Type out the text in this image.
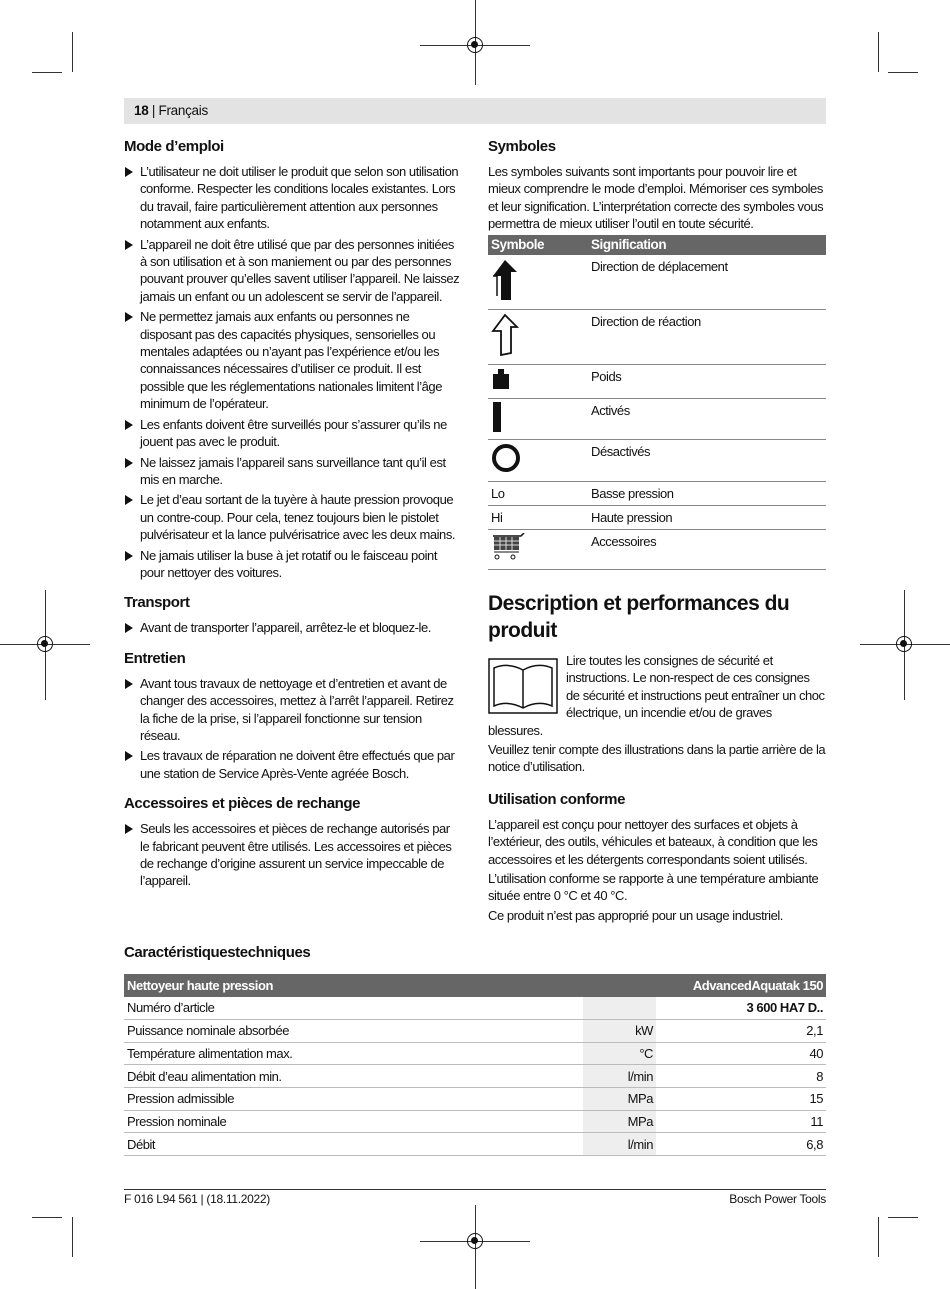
18 | Français
Mode d’emploi
L’utilisateur ne doit utiliser le produit que selon son utilisation conforme. Respecter les conditions locales existantes. Lors du travail, faire particulièrement attention aux personnes notamment aux enfants.
L’appareil ne doit être utilisé que par des personnes initiées à son utilisation et à son maniement ou par des personnes pouvant prouver qu’elles savent utiliser l’appareil. Ne laissez jamais un enfant ou un adolescent se servir de l’appareil.
Ne permettez jamais aux enfants ou personnes ne disposant pas des capacités physiques, sensorielles ou mentales adaptées ou n’ayant pas l’expérience et/ou les connaissances nécessaires d’utiliser ce produit. Il est possible que les réglementations nationales limitent l’âge minimum de l’opérateur.
Les enfants doivent être surveillés pour s’assurer qu’ils ne jouent pas avec le produit.
Ne laissez jamais l’appareil sans surveillance tant qu’il est mis en marche.
Le jet d’eau sortant de la tuyère à haute pression provoque un contre-coup. Pour cela, tenez toujours bien le pistolet pulvérisateur et la lance pulvérisatrice avec les deux mains.
Ne jamais utiliser la buse à jet rotatif ou le faisceau point pour nettoyer des voitures.
Transport
Avant de transporter l’appareil, arrêtez-le et bloquez-le.
Entretien
Avant tous travaux de nettoyage et d’entretien et avant de changer des accessoires, mettez à l’arrêt l’appareil. Retirez la fiche de la prise, si l’appareil fonctionne sur tension réseau.
Les travaux de réparation ne doivent être effectués que par une station de Service Après-Vente agréée Bosch.
Accessoires et pièces de rechange
Seuls les accessoires et pièces de rechange autorisés par le fabricant peuvent être utilisés. Les accessoires et pièces de rechange d’origine assurent un service impeccable de l’appareil.
Symboles

Les symboles suivants sont importants pour pouvoir lire et mieux comprendre le mode d’emploi. Mémoriser ces symboles et leur signification. L’interprétation correcte des symboles vous permettra de mieux utiliser l’outil en toute sécurité.

Symbole	Signification
	Direction de déplacement
	Direction de réaction
	Poids
	Activés
	Désactivés
Lo	Basse pression
Hi	Haute pression
	Accessoires
Description et performances du produit

Lire toutes les consignes de sécurité et instructions. Le non-respect de ces consignes de sécurité et instructions peut entraîner un choc électrique, un incendie et/ou de graves blessures.

Veuillez tenir compte des illustrations dans la partie arrière de la notice d’utilisation.

Utilisation conforme

L’appareil est conçu pour nettoyer des surfaces et objets à l’extérieur, des outils, véhicules et bateaux, à condition que les accessoires et les détergents correspondants soient utilisés.

L’utilisation conforme se rapporte à une température ambiante située entre 0 °C et 40 °C.

Ce produit n’est pas approprié pour un usage industriel.

Caractéristiquestechniques
Nettoyeur haute pression		AdvancedAquatak 150
Numéro d’article		3 600 HA7 D..
Puissance nominale absorbée	kW	2,1
Température alimentation max.	°C	40
Débit d’eau alimentation min.	l/min	8
Pression admissible	MPa	15
Pression nominale	MPa	11
Débit	l/min	6,8
F 016 L94 561 | (18.11.2022)	Bosch Power Tools
